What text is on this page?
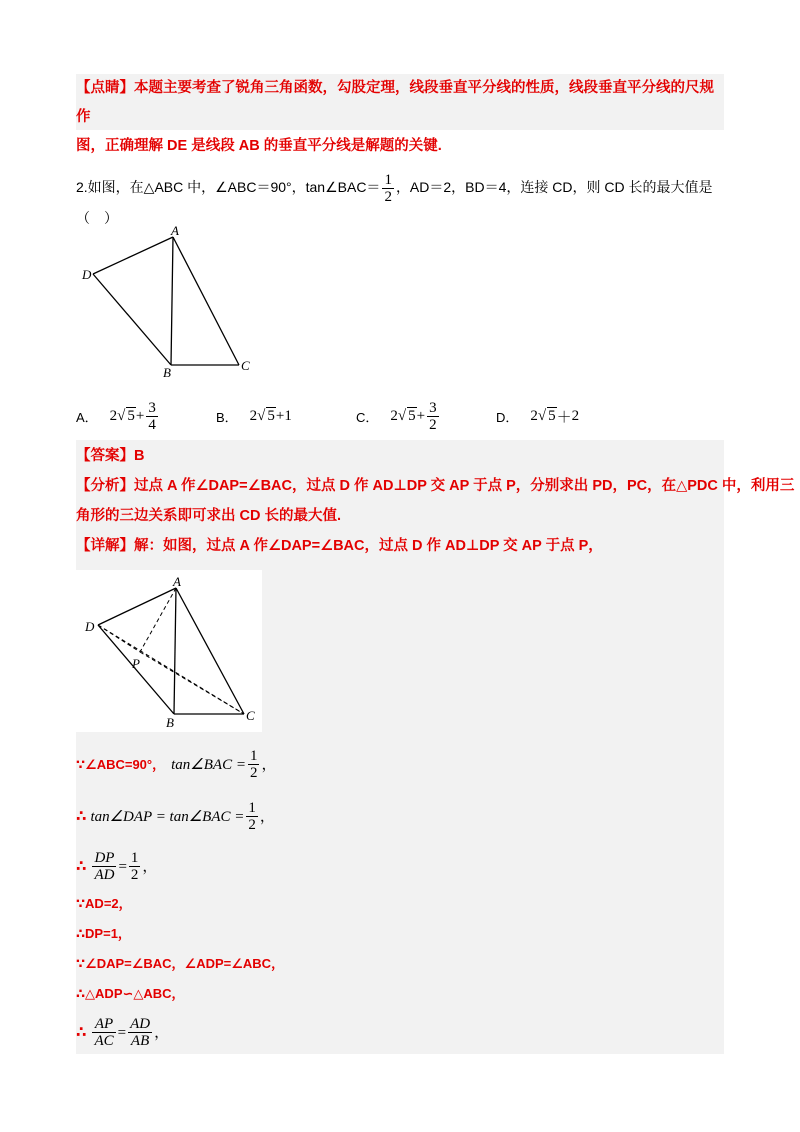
【点睛】本题主要考查了锐角三角函数，勾股定理，线段垂直平分线的性质，线段垂直平分线的尺规作

图，正确理解 DE 是线段 AB 的垂直平分线是解题的关键.

2.如图，在△ABC 中，∠ABC＝90°，tan∠BAC＝ $\frac{1}{2}$ ，AD＝2，BD＝4，连接 CD，则 CD 长的最大值是（　）
A
D
B	C
A． 2 √ $5 + \frac{3}{4}$	B． 2 √ 5 + 1	C． 2 √ $5 + \frac{3}{2}$	D． 2 √ 5 ＋ 2
【答案】B
【分析】过点 A 作∠DAP=∠BAC，过点 D 作 AD⊥DP 交 AP 于点 P，分别求出 PD，PC，在△PDC 中，利用三
角形的三边关系即可求出 CD 长的最大值.
【详解】解：如图，过点 A 作∠DAP=∠BAC，过点 D 作 AD⊥DP 交 AP 于点 P，
A
D
P
B	C
∵∠ABC=90°， tan∠BAC = $\frac{1}{2}$ ，
∴ tan∠DAP = tan∠BAC = $\frac{1}{2}$ ，
∴ $\frac{DP}{AD} = \frac{1}{2}$ ，
∵AD=2，
∴DP=1，
∵∠DAP=∠BAC，∠ADP=∠ABC，
∴△ADP∽△ABC，
∴ $\frac{AP}{AC} = \frac{AD}{AB}$ ，
